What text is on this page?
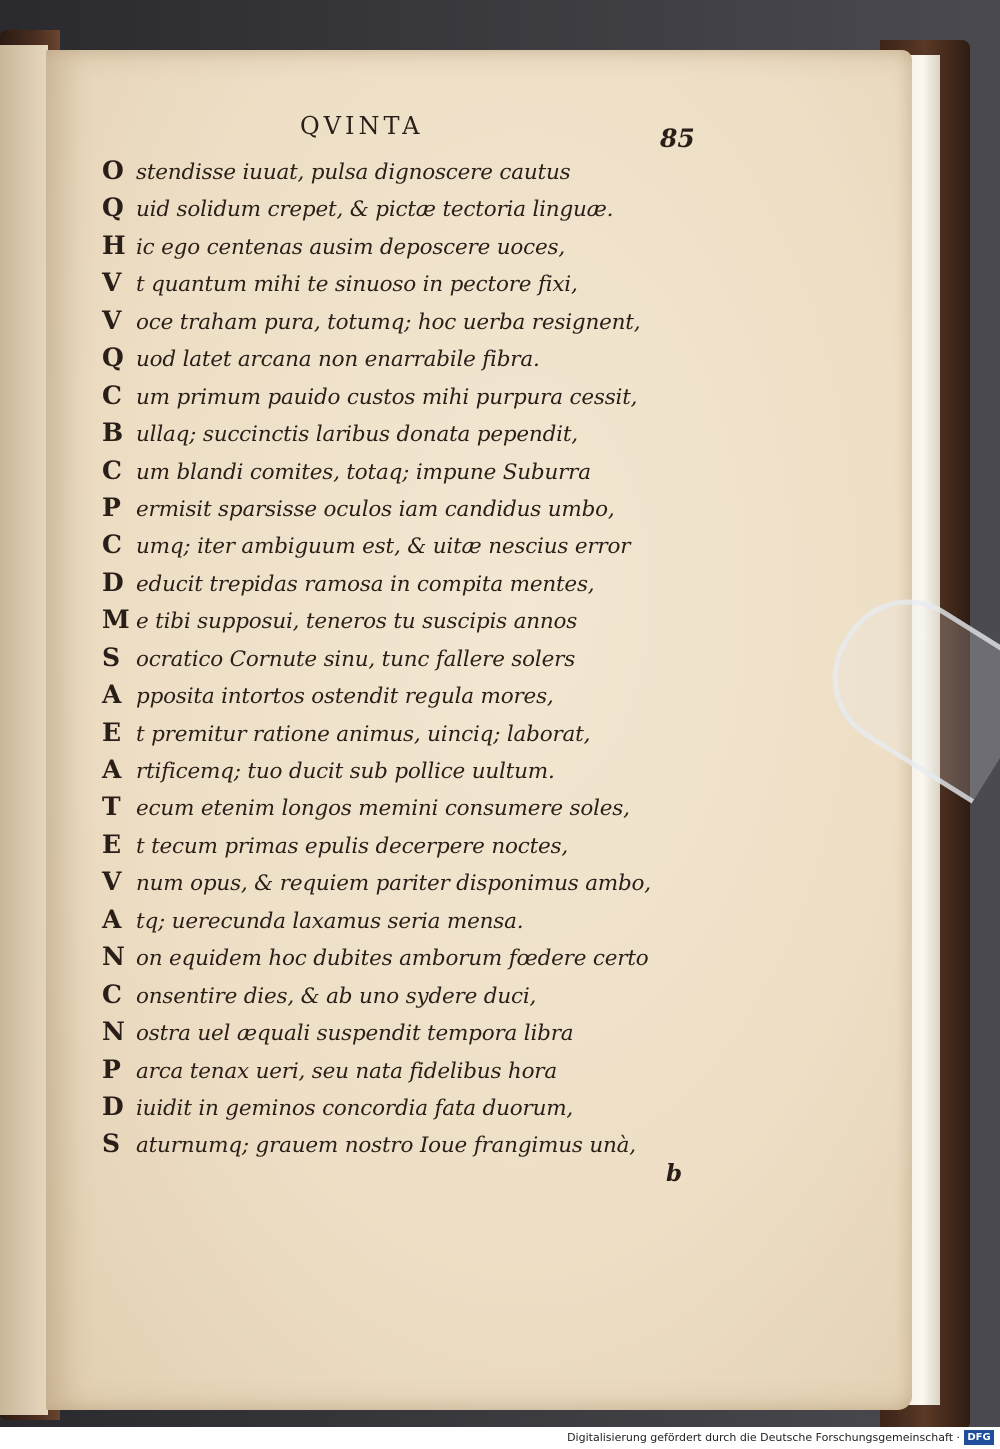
QVINTA	85
O stendisse iuuat, pulsa dignoscere cautus
Q uid solidum crepet, & pictæ tectoria linguæ.
H ic ego centenas ausim deposcere uoces,
V t quantum mihi te sinuoso in pectore fixi,
V oce traham pura, totumq; hoc uerba resignent,
Q uod latet arcana non enarrabile fibra.
C um primum pauido custos mihi purpura cessit,
B ullaq; succinctis laribus donata pependit,
C um blandi comites, totaq; impune Suburra
P ermisit sparsisse oculos iam candidus umbo,
C umq; iter ambiguum est, & uitæ nescius error
D educit trepidas ramosa in compita mentes,
M e tibi supposui, teneros tu suscipis annos
S ocratico Cornute sinu, tunc fallere solers
A pposita intortos ostendit regula mores,
E t premitur ratione animus, uinciq; laborat,
A rtificemq; tuo ducit sub pollice uultum.
T ecum etenim longos memini consumere soles,
E t tecum primas epulis decerpere noctes,
V num opus, & requiem pariter disponimus ambo,
A tq; uerecunda laxamus seria mensa.
N on equidem hoc dubites amborum fœdere certo
C onsentire dies, & ab uno sydere duci,
N ostra uel æquali suspendit tempora libra
P arca tenax ueri, seu nata fidelibus hora
D iuidit in geminos concordia fata duorum,
S aturnumq; grauem nostro Ioue frangimus unà,
b
Digitalisierung gefördert durch die Deutsche Forschungsgemeinschaft · DFG
